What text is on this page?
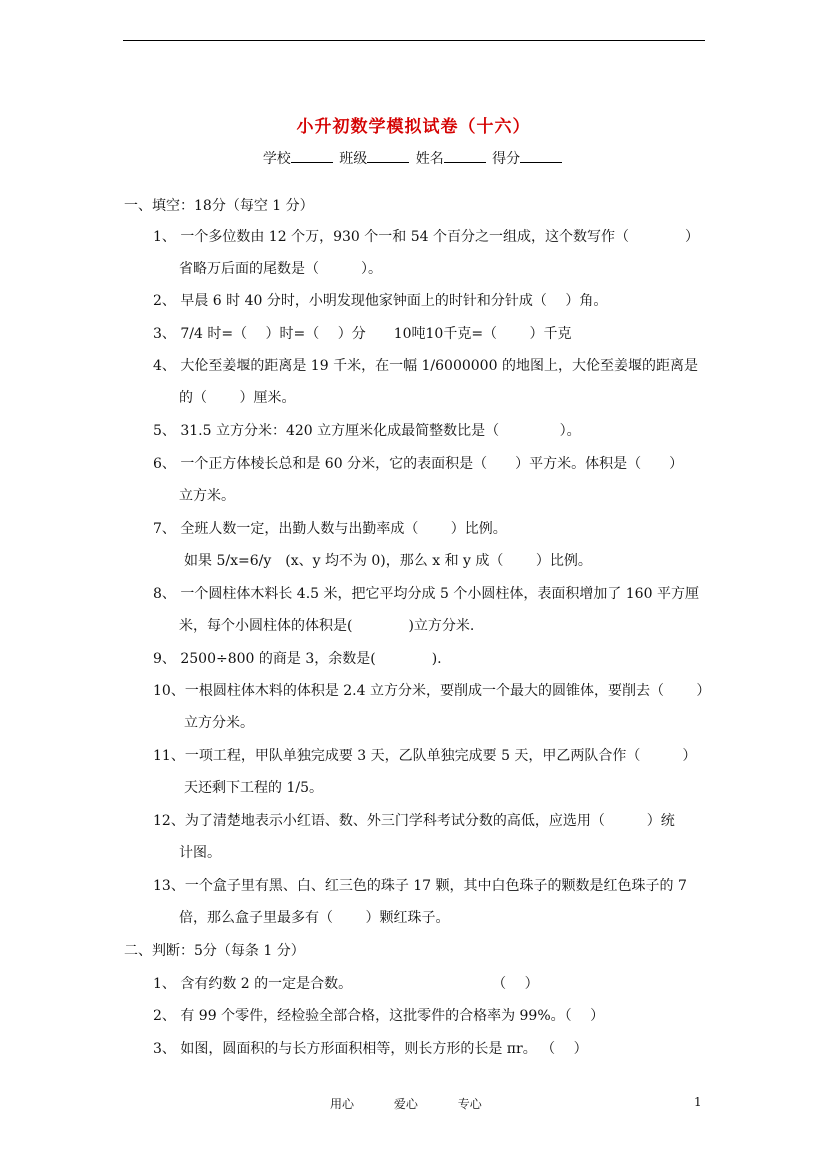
小升初数学模拟试卷（十六）
学校	班级	姓名	得分
一、填空：18分（每空 1 分）
1、 一个多位数由 12 个万，930 个一和 54 个百分之一组成，这个数写作（　　　　）
省略万后面的尾数是（　　　）。
2、 早晨 6 时 40 分时，小明发现他家钟面上的时针和分针成（　 ）角。
3、 7/4 时=（　 ）时=（　 ）分　　10吨10千克=（　　 ）千克
4、 大伦至姜堰的距离是 19 千米，在一幅 1/6000000 的地图上，大伦至姜堰的距离是
的（　　 ）厘米。
5、 31.5 立方分米：420 立方厘米化成最简整数比是（　　　　 ）。
6、 一个正方体棱长总和是 60 分米，它的表面积是（　　）平方米。体积是（　　）
立方米。
7、 全班人数一定，出勤人数与出勤率成（　　 ）比例。
如果 5/x=6/y　(x、y 均不为 0)，那么 x 和 y 成（　　 ）比例。
8、 一个圆柱体木料长 4.5 米，把它平均分成 5 个小圆柱体，表面积增加了 160 平方厘
米，每个小圆柱体的体积是(　　　　)立方分米.
9、 2500÷800 的商是 3，余数是(　　　　).
10、一根圆柱体木料的体积是 2.4 立方分米，要削成一个最大的圆锥体，要削去（　　 ）
立方分米。
11、一项工程，甲队单独完成要 3 天，乙队单独完成要 5 天，甲乙两队合作（　　　）
天还剩下工程的 1/5。
12、为了清楚地表示小红语、数、外三门学科考试分数的高低，应选用（　　　）统
计图。
13、一个盒子里有黑、白、红三色的珠子 17 颗，其中白色珠子的颗数是红色珠子的 7
倍，那么盒子里最多有（　　 ）颗红珠子。
二、判断：5分（每条 1 分）
1、 含有约数 2 的一定是合数。　　　　　　　　　　　（　 ）
2、 有 99 个零件，经检验全部合格，这批零件的合格率为 99%。（　 ）
3、 如图，圆面积的与长方形面积相等，则长方形的长是 πr。 （　 ）
用心	爱心	专心	1
